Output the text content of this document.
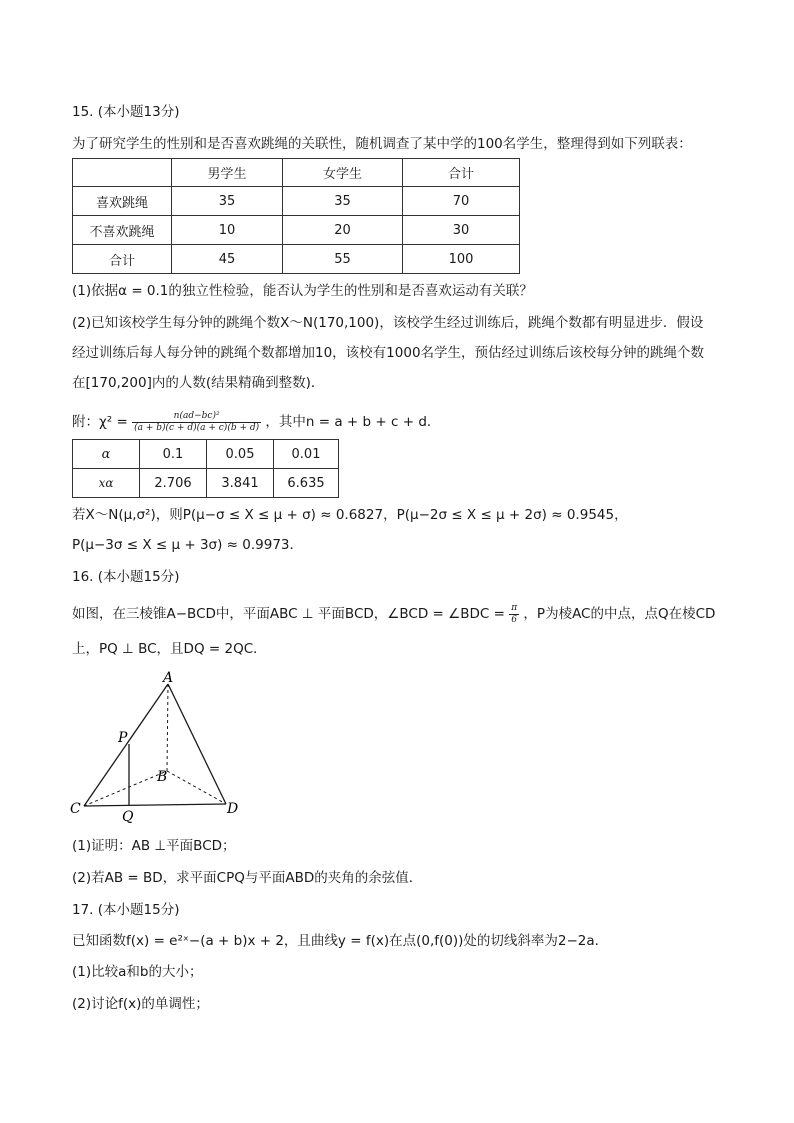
15. (本小题13分)
为了研究学生的性别和是否喜欢跳绳的关联性，随机调查了某中学的100名学生，整理得到如下列联表：
	男学生	女学生	合计
喜欢跳绳	35	35	70
不喜欢跳绳	10	20	30
合计	45	55	100
(1)依据α = 0.1的独立性检验，能否认为学生的性别和是否喜欢运动有关联？
(2)已知该校学生每分钟的跳绳个数X～N(170,100)，该校学生经过训练后，跳绳个数都有明显进步．假设
经过训练后每人每分钟的跳绳个数都增加10，该校有1000名学生，预估经过训练后该校每分钟的跳绳个数
在[170,200]内的人数(结果精确到整数)．
附：$\chi^2 = \frac{\text{n(ad−bc)²}}{(a + b)(c + d)(a + c)(b + d)}$ ，其中n = a + b + c + d．
α	0.1	0.05	0.01
xα	2.706	3.841	6.635
若X～N(μ,σ²)，则P(μ−σ ≤ X ≤ μ + σ) ≈ 0.6827，P(μ−2σ ≤ X ≤ μ + 2σ) ≈ 0.9545，
P(μ−3σ ≤ X ≤ μ + 3σ) ≈ 0.9973．
16. (本小题15分)
如图，在三棱锥A−BCD中，平面ABC ⊥ 平面BCD，∠BCD = ∠BDC = $\frac{\pi}{6}$ ，P为棱AC的中点，点Q在棱CD
上，PQ ⊥ BC，且DQ = 2QC．
A
B
C	D
P
Q
(1)证明：AB ⊥平面BCD；
(2)若AB = BD，求平面CPQ与平面ABD的夹角的余弦值．
17. (本小题15分)
已知函数f(x) = e²ˣ−(a + b)x + 2，且曲线y = f(x)在点(0,f(0))处的切线斜率为2−2a．
(1)比较a和b的大小；
(2)讨论f(x)的单调性；
